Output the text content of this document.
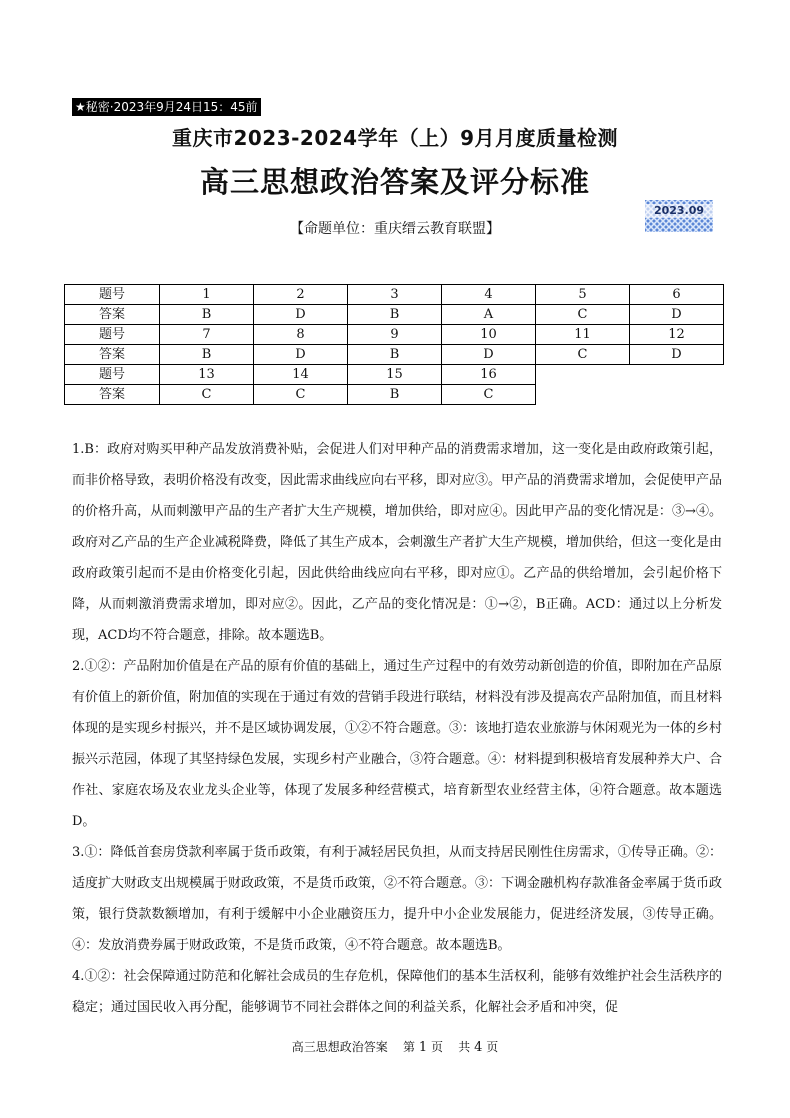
★秘密·2023年9月24日15：45前
重庆市2023-2024学年（上）9月月度质量检测
高三思想政治答案及评分标准
2023.09
【命题单位：重庆缙云教育联盟】
题号	1	2	3	4	5	6
答案	B	D	B	A	C	D
题号	7	8	9	10	11	12
答案	B	D	B	D	C	D
题号	13	14	15	16		
答案	C	C	B	C		

1.B：政府对购买甲种产品发放消费补贴，会促进人们对甲种产品的消费需求增加，这一变化是由政府政策引起，而非价格导致，表明价格没有改变，因此需求曲线应向右平移，即对应③。甲产品的消费需求增加，会促使甲产品的价格升高，从而刺激甲产品的生产者扩大生产规模，增加供给，即对应④。因此甲产品的变化情况是：③→④。政府对乙产品的生产企业减税降费，降低了其生产成本，会刺激生产者扩大生产规模，增加供给，但这一变化是由政府政策引起而不是由价格变化引起，因此供给曲线应向右平移，即对应①。乙产品的供给增加，会引起价格下降，从而刺激消费需求增加，即对应②。因此，乙产品的变化情况是：①→②，B正确。ACD：通过以上分析发现，ACD均不符合题意，排除。故本题选B。

2.①②：产品附加价值是在产品的原有价值的基础上，通过生产过程中的有效劳动新创造的价值，即附加在产品原有价值上的新价值，附加值的实现在于通过有效的营销手段进行联结，材料没有涉及提高农产品附加值，而且材料体现的是实现乡村振兴，并不是区域协调发展，①②不符合题意。③：该地打造农业旅游与休闲观光为一体的乡村振兴示范园，体现了其坚持绿色发展，实现乡村产业融合，③符合题意。④：材料提到积极培育发展种养大户、合作社、家庭农场及农业龙头企业等，体现了发展多种经营模式，培育新型农业经营主体，④符合题意。故本题选D。

3.①：降低首套房贷款利率属于货币政策，有利于减轻居民负担，从而支持居民刚性住房需求，①传导正确。②：适度扩大财政支出规模属于财政政策，不是货币政策，②不符合题意。③：下调金融机构存款准备金率属于货币政策，银行贷款数额增加，有利于缓解中小企业融资压力，提升中小企业发展能力，促进经济发展，③传导正确。④：发放消费券属于财政政策，不是货币政策，④不符合题意。故本题选B。

4.①②：社会保障通过防范和化解社会成员的生存危机，保障他们的基本生活权利，能够有效维护社会生活秩序的稳定；通过国民收入再分配，能够调节不同社会群体之间的利益关系，化解社会矛盾和冲突，促

高三思想政治答案 第 1 页 共 4 页
